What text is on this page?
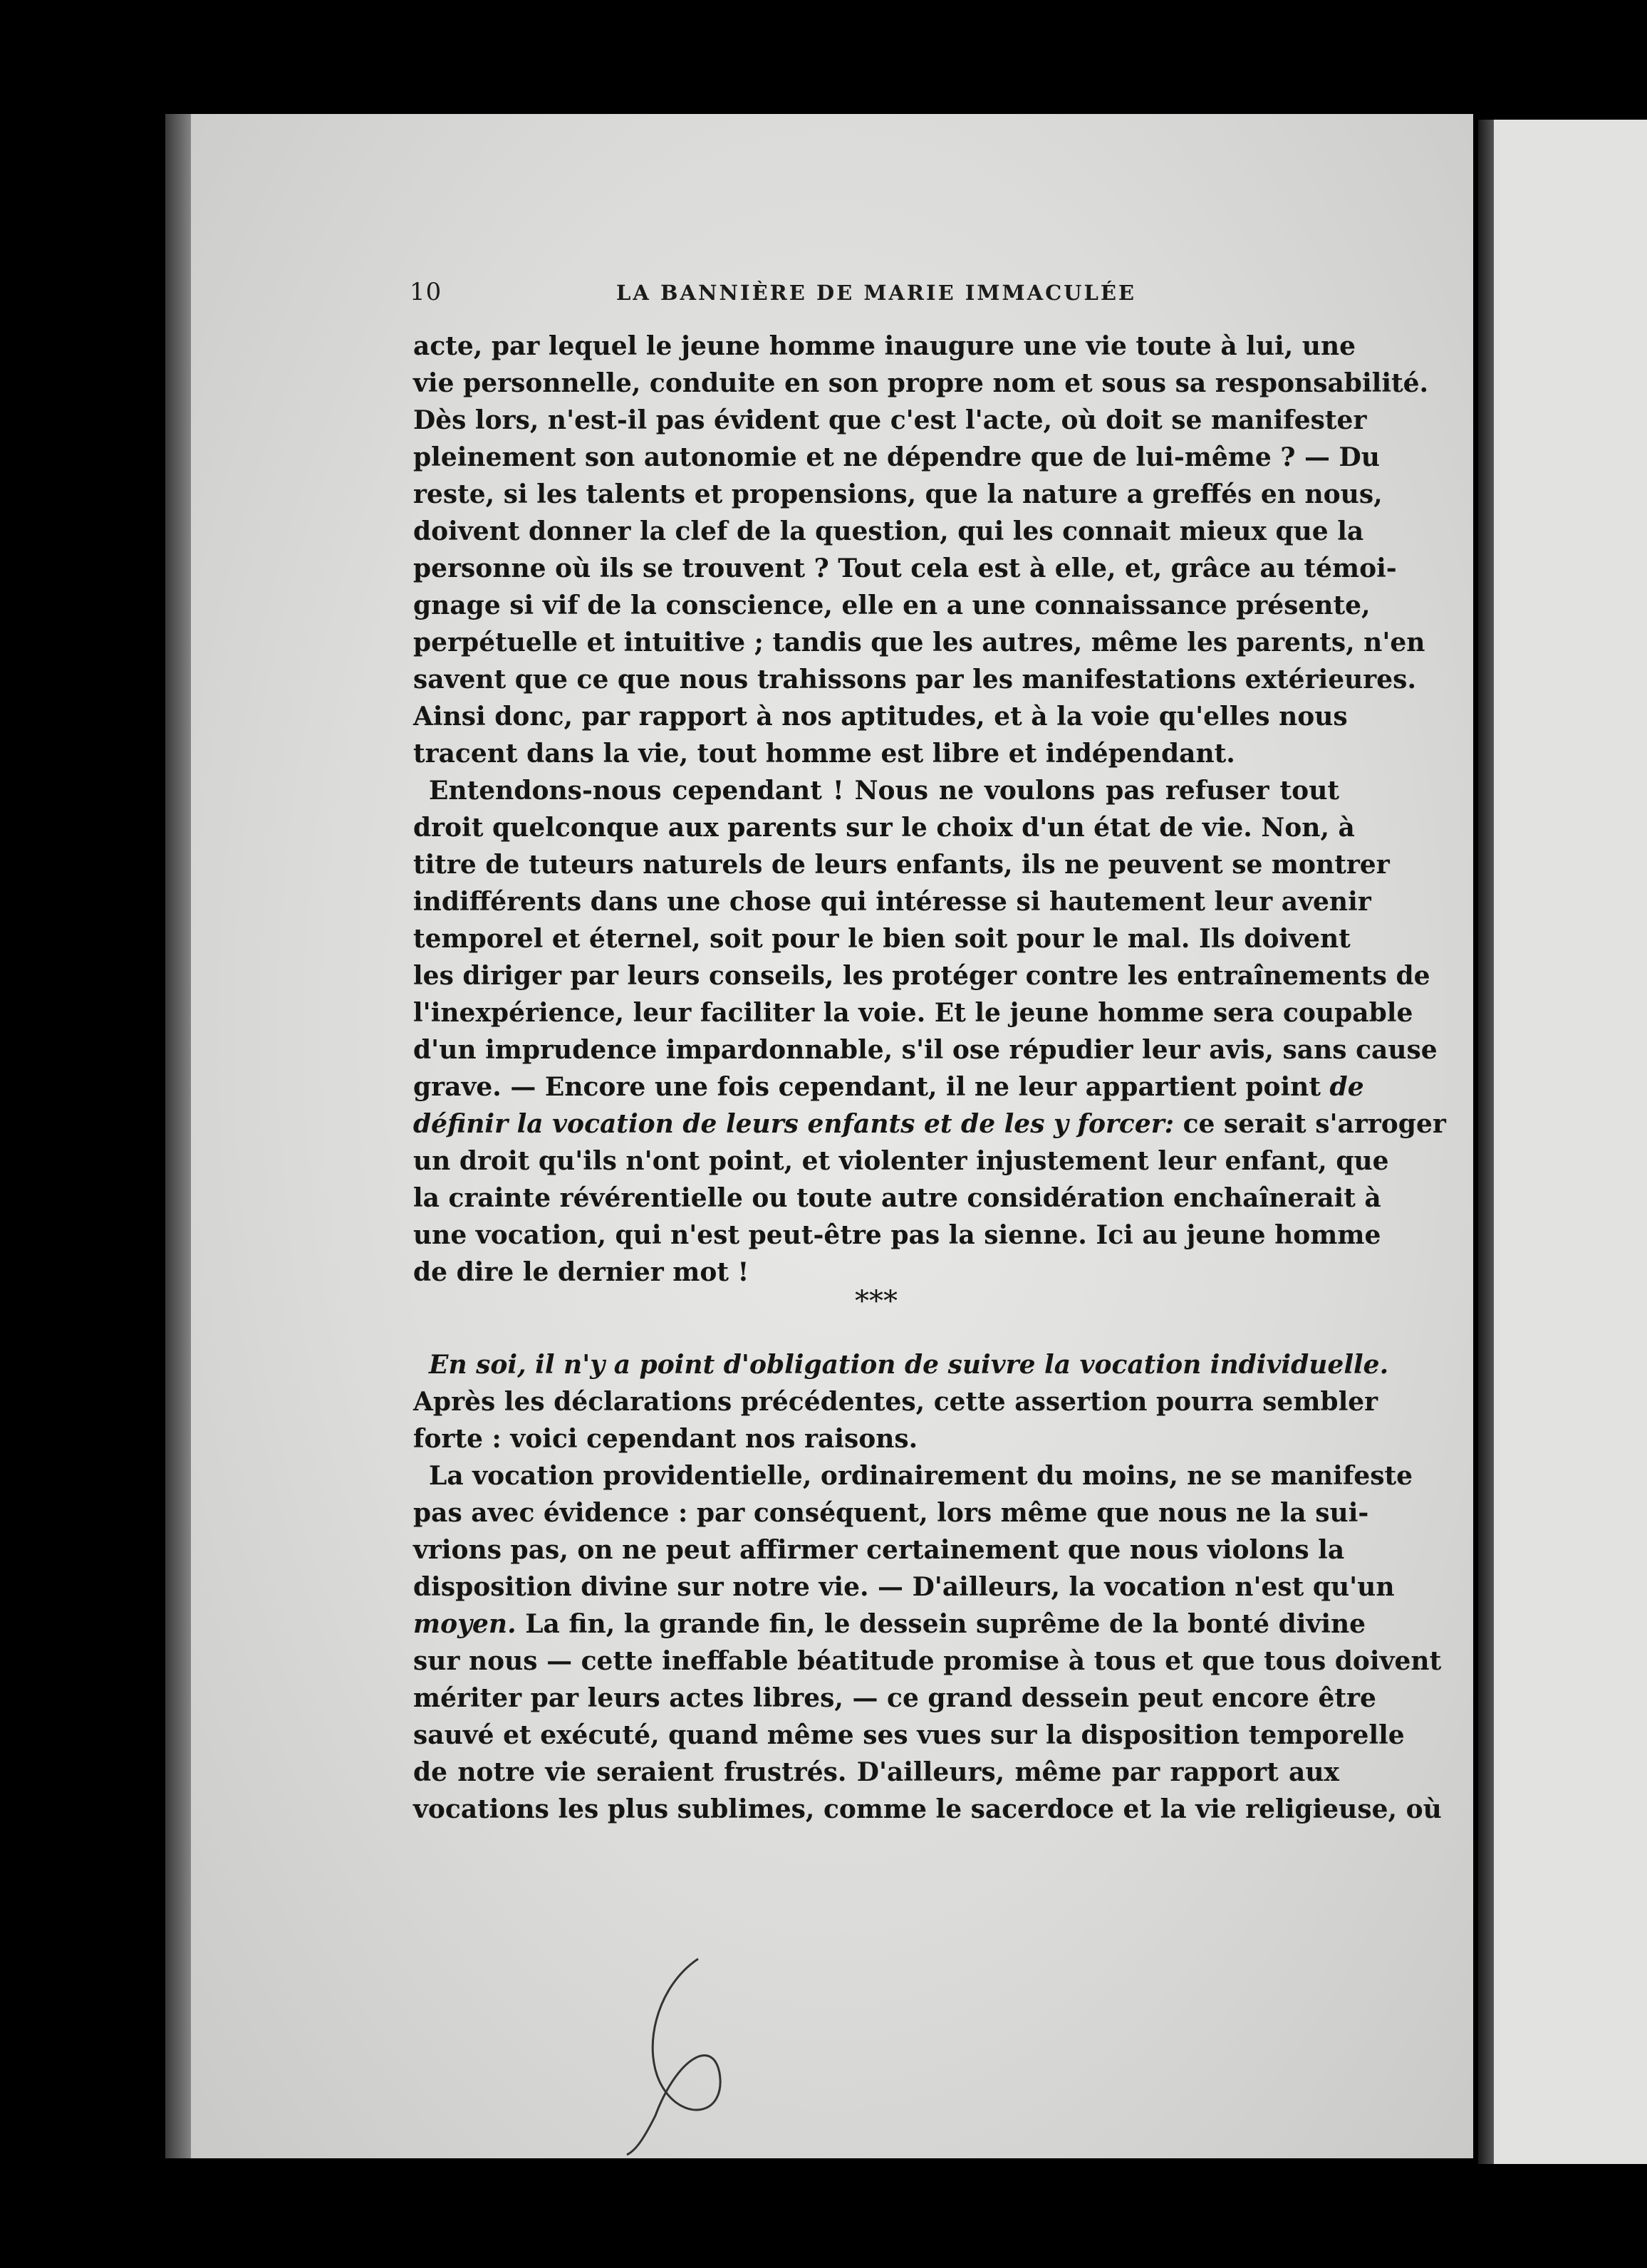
10	LA BANNIÈRE DE MARIE IMMACULÉE
acte, par lequel le jeune homme inaugure une vie toute à lui, une
vie personnelle, conduite en son propre nom et sous sa responsabilité.
Dès lors, n'est-il pas évident que c'est l'acte, où doit se manifester
pleinement son autonomie et ne dépendre que de lui-même ? — Du
reste, si les talents et propensions, que la nature a greffés en nous,
doivent donner la clef de la question, qui les connait mieux que la
personne où ils se trouvent ? Tout cela est à elle, et, grâce au témoi-
gnage si vif de la conscience, elle en a une connaissance présente,
perpétuelle et intuitive ; tandis que les autres, même les parents, n'en
savent que ce que nous trahissons par les manifestations extérieures.
Ainsi donc, par rapport à nos aptitudes, et à la voie qu'elles nous
tracent dans la vie, tout homme est libre et indépendant.
Entendons-nous cependant ! Nous ne voulons pas refuser tout
droit quelconque aux parents sur le choix d'un état de vie. Non, à
titre de tuteurs naturels de leurs enfants, ils ne peuvent se montrer
indifférents dans une chose qui intéresse si hautement leur avenir
temporel et éternel, soit pour le bien soit pour le mal. Ils doivent
les diriger par leurs conseils, les protéger contre les entraînements de
l'inexpérience, leur faciliter la voie. Et le jeune homme sera coupable
d'un imprudence impardonnable, s'il ose répudier leur avis, sans cause
grave. — Encore une fois cependant, il ne leur appartient point de
définir la vocation de leurs enfants et de les y forcer: ce serait s'arroger
un droit qu'ils n'ont point, et violenter injustement leur enfant, que
la crainte révérentielle ou toute autre considération enchaînerait à
une vocation, qui n'est peut-être pas la sienne. Ici au jeune homme
de dire le dernier mot !
En soi, il n'y a point d'obligation de suivre la vocation individuelle.
Après les déclarations précédentes, cette assertion pourra sembler
forte : voici cependant nos raisons.
La vocation providentielle, ordinairement du moins, ne se manifeste
pas avec évidence : par conséquent, lors même que nous ne la sui-
vrions pas, on ne peut affirmer certainement que nous violons la
disposition divine sur notre vie. — D'ailleurs, la vocation n'est qu'un
moyen. La fin, la grande fin, le dessein suprême de la bonté divine
sur nous — cette ineffable béatitude promise à tous et que tous doivent
mériter par leurs actes libres, — ce grand dessein peut encore être
sauvé et exécuté, quand même ses vues sur la disposition temporelle
de notre vie seraient frustrés. D'ailleurs, même par rapport aux
vocations les plus sublimes, comme le sacerdoce et la vie religieuse, où
***
